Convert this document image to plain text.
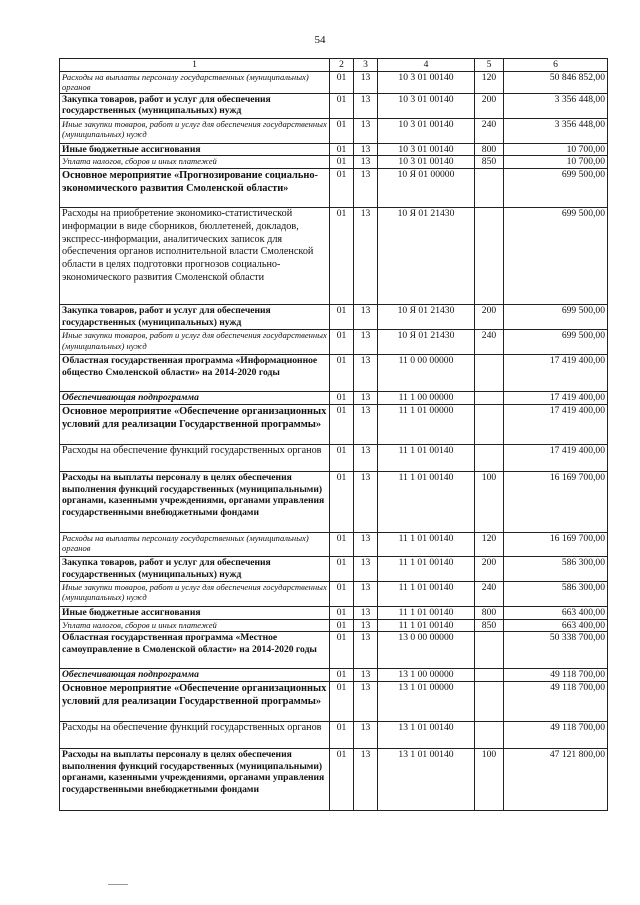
54
1	2	3	4	5	6
Расходы на выплаты персоналу государственных (муниципальных) органов	01	13	10 3 01 00140	120	50 846 852,00
Закупка товаров, работ и услуг для обеспечения государственных (муниципальных) нужд	01	13	10 3 01 00140	200	3 356 448,00
Иные закупки товаров, работ и услуг для обеспечения государственных (муниципальных) нужд	01	13	10 3 01 00140	240	3 356 448,00
Иные бюджетные ассигнования	01	13	10 3 01 00140	800	10 700,00
Уплата налогов, сборов и иных платежей	01	13	10 3 01 00140	850	10 700,00
Основное мероприятие «Прогнозирование социально-экономического развития Смоленской области»	01	13	10 Я 01 00000		699 500,00
Расходы на приобретение экономико-статистической информации в виде сборников, бюллетеней, докладов, экспресс-информации, аналитических записок для обеспечения органов исполнительной власти Смоленской области в целях подготовки прогнозов социально-экономического развития Смоленской области	01	13	10 Я 01 21430		699 500,00
Закупка товаров, работ и услуг для обеспечения государственных (муниципальных) нужд	01	13	10 Я 01 21430	200	699 500,00
Иные закупки товаров, работ и услуг для обеспечения государственных (муниципальных) нужд	01	13	10 Я 01 21430	240	699 500,00
Областная государственная программа «Информационное общество Смоленской области» на 2014-2020 годы	01	13	11 0 00 00000		17 419 400,00
Обеспечивающая подпрограмма	01	13	11 1 00 00000		17 419 400,00
Основное мероприятие «Обеспечение организационных условий для реализации Государственной программы»	01	13	11 1 01 00000		17 419 400,00
Расходы на обеспечение функций государственных органов	01	13	11 1 01 00140		17 419 400,00
Расходы на выплаты персоналу в целях обеспечения выполнения функций государственных (муниципальными) органами, казенными учреждениями, органами управления государственными внебюджетными фондами	01	13	11 1 01 00140	100	16 169 700,00
Расходы на выплаты персоналу государственных (муниципальных) органов	01	13	11 1 01 00140	120	16 169 700,00
Закупка товаров, работ и услуг для обеспечения государственных (муниципальных) нужд	01	13	11 1 01 00140	200	586 300,00
Иные закупки товаров, работ и услуг для обеспечения государственных (муниципальных) нужд	01	13	11 1 01 00140	240	586 300,00
Иные бюджетные ассигнования	01	13	11 1 01 00140	800	663 400,00
Уплата налогов, сборов и иных платежей	01	13	11 1 01 00140	850	663 400,00
Областная государственная программа «Местное самоуправление в Смоленской области» на 2014-2020 годы	01	13	13 0 00 00000		50 338 700,00
Обеспечивающая подпрограмма	01	13	13 1 00 00000		49 118 700,00
Основное мероприятие «Обеспечение организационных условий для реализации Государственной программы»	01	13	13 1 01 00000		49 118 700,00
Расходы на обеспечение функций государственных органов	01	13	13 1 01 00140		49 118 700,00
Расходы на выплаты персоналу в целях обеспечения выполнения функций государственных (муниципальными) органами, казенными учреждениями, органами управления государственными внебюджетными фондами	01	13	13 1 01 00140	100	47 121 800,00
